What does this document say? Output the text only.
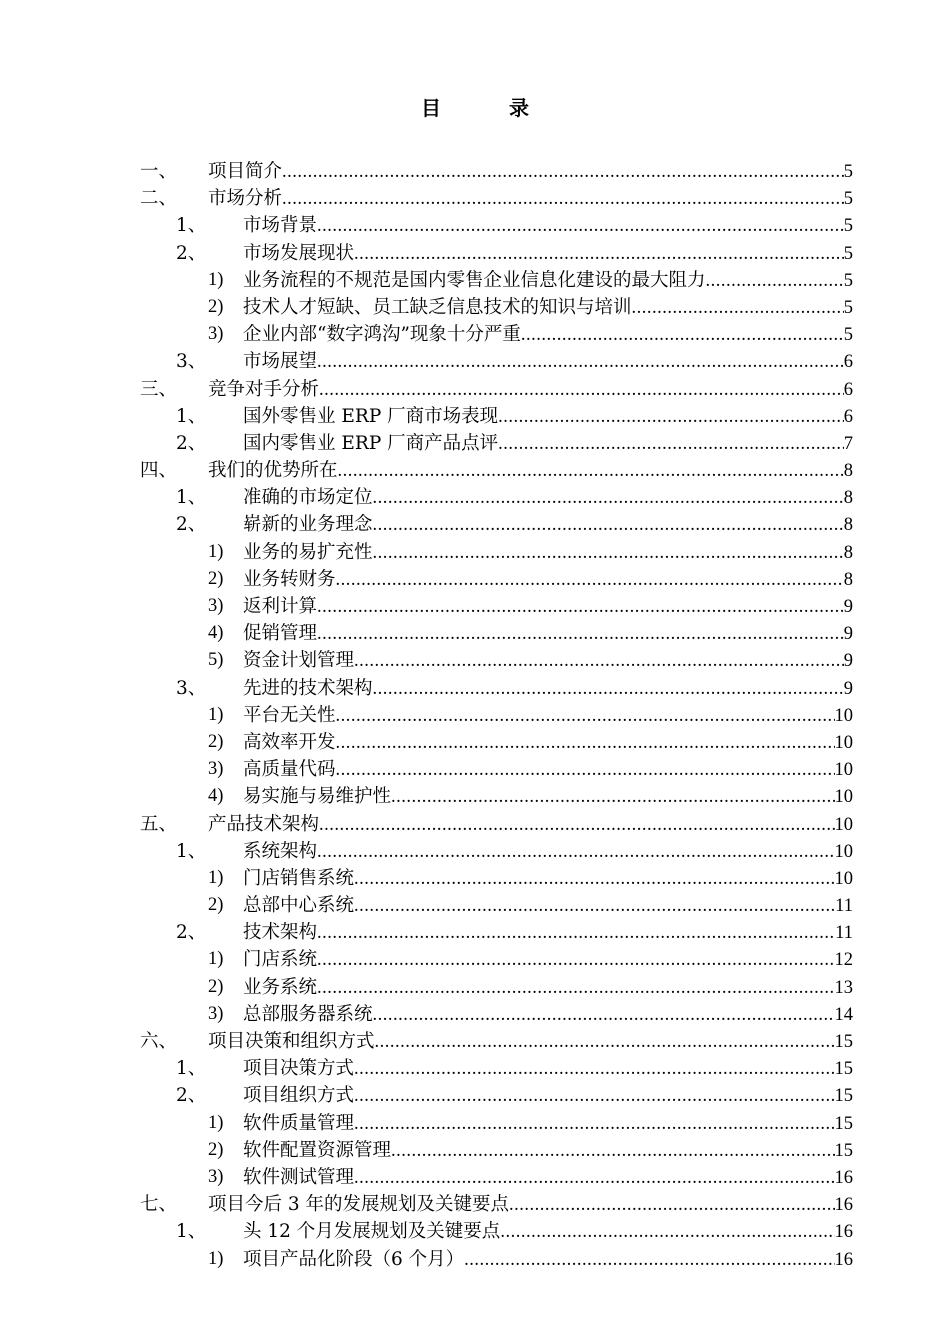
目　录
一、 项目简介 .....	5
二、 市场分析 .....	5
1、 市场背景 .....	5
2、 市场发展现状 .....	5
1) 业务流程的不规范是国内零售企业信息化建设的最大阻力 .....	5
2) 技术人才短缺、员工缺乏信息技术的知识与培训 .....	5
3) 企业内部“数字鸿沟”现象十分严重 .....	5
3、 市场展望 .....	6
三、 竞争对手分析 .....	6
1、 国外零售业 ERP 厂商市场表现 .....	6
2、 国内零售业 ERP 厂商产品点评 .....	7
四、 我们的优势所在 .....	8
1、 准确的市场定位 .....	8
2、 崭新的业务理念 .....	8
1) 业务的易扩充性 .....	8
2) 业务转财务 .....	8
3) 返利计算 .....	9
4) 促销管理 .....	9
5) 资金计划管理 .....	9
3、 先进的技术架构 .....	9
1) 平台无关性 .....	10
2) 高效率开发 .....	10
3) 高质量代码 .....	10
4) 易实施与易维护性 .....	10
五、 产品技术架构 .....	10
1、 系统架构 .....	10
1) 门店销售系统 .....	10
2) 总部中心系统 .....	11
2、 技术架构 .....	11
1) 门店系统 .....	12
2) 业务系统 .....	13
3) 总部服务器系统 .....	14
六、 项目决策和组织方式 .....	15
1、 项目决策方式 .....	15
2、 项目组织方式 .....	15
1) 软件质量管理 .....	15
2) 软件配置资源管理 .....	15
3) 软件测试管理 .....	16
七、 项目今后 3 年的发展规划及关键要点 .....	16
1、 头 12 个月发展规划及关键要点 .....	16
1) 项目产品化阶段（6 个月） .....	16
